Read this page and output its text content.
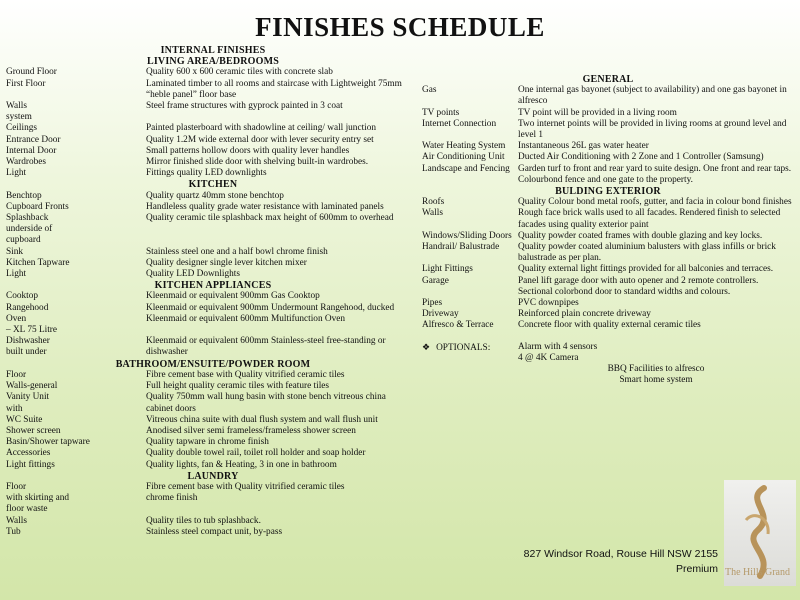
FINISHES SCHEDULE
INTERNAL FINISHES
LIVING AREA/BEDROOMS
Ground Floor	Quality 600 x 600 ceramic tiles with concrete slab
First Floor	Laminated timber to all rooms and staircase with Lightweight 75mm “heble panel” floor base
Walls	Steel frame structures with gyprock painted in 3 coat
system
Ceilings	Painted plasterboard with shadowline at ceiling/ wall junction
Entrance Door	Quality 1.2M wide external door with lever security entry set
Internal Door	Small patterns hollow doors with quality lever handles
Wardrobes	Mirror finished slide door with shelving built-in wardrobes.
Light	Fittings quality LED downlights
KITCHEN
Benchtop	Quality quartz 40mm stone benchtop
Cupboard Fronts	Handleless quality grade water resistance with laminated panels
Splashback	Quality ceramic tile splashback max height of 600mm to overhead
underside of
cupboard
Sink	Stainless steel one and a half bowl chrome finish
Kitchen Tapware	Quality designer single lever kitchen mixer
Light	Quality LED Downlights
KITCHEN APPLIANCES
Cooktop	Kleenmaid or equivalent 900mm Gas Cooktop
Rangehood	Kleenmaid or equivalent 900mm Undermount Rangehood, ducked
Oven	Kleenmaid or equivalent 600mm Multifunction Oven
– XL 75 Litre
Dishwasher	Kleenmaid or equivalent 600mm Stainless-steel free-standing or
built under	dishwasher
BATHROOM/ENSUITE/POWDER ROOM
Floor	Fibre cement base with Quality vitrified ceramic tiles
Walls-general	Full height quality ceramic tiles with feature tiles
Vanity Unit	Quality 750mm wall hung basin with stone bench vitreous china
with	cabinet doors
WC Suite	Vitreous china suite with dual flush system and wall flush unit
Shower screen	Anodised silver semi frameless/frameless shower screen
Basin/Shower tapware	Quality tapware in chrome finish
Accessories	Quality double towel rail, toilet roll holder and soap holder
Light fittings	Quality lights, fan & Heating, 3 in one in bathroom
LAUNDRY
Floor	Fibre cement base with Quality vitrified ceramic tiles
with skirting and	chrome finish
floor waste
Walls	Quality tiles to tub splashback.
Tub	Stainless steel compact unit, by-pass
GENERAL
Gas	One internal gas bayonet (subject to availability) and one gas bayonet in alfresco
TV points	TV point will be provided in a living room
Internet Connection	Two internet points will be provided in living rooms at ground level and level 1
Water Heating System	Instantaneous 26L gas water heater
Air Conditioning Unit	Ducted Air Conditioning with 2 Zone and 1 Controller (Samsung)
Landscape and Fencing Garden turf to front and rear yard to suite design. One front and rear taps. Colourbond fence and one gate to the property.
BULDING EXTERIOR
Roofs	Quality Colour bond metal roofs, gutter, and facia in colour bond finishes
Walls	Rough face brick walls used to all facades. Rendered finish to selected facades using quality exterior paint
Windows/Sliding Doors Quality powder coated frames with double glazing and key locks.
Handrail/ Balustrade	Quality powder coated aluminium balusters with glass infills or brick balustrade as per plan.
Light Fittings	Quality external light fittings provided for all balconies and terraces.
Garage	Panel lift garage door with auto opener and 2 remote controllers. Sectional colorbond door to standard widths and colours.
Pipes	PVC downpipes
Driveway	Reinforced plain concrete driveway
Alfresco & Terrace	Concrete floor with quality external ceramic tiles
❖ OPTIONALS:	Alarm with 4 sensors
4 @ 4K Camera
BBQ Facilities to alfresco
Smart home system
827 Windsor Road, Rouse Hill NSW 2155
Premium The Hills Grand
